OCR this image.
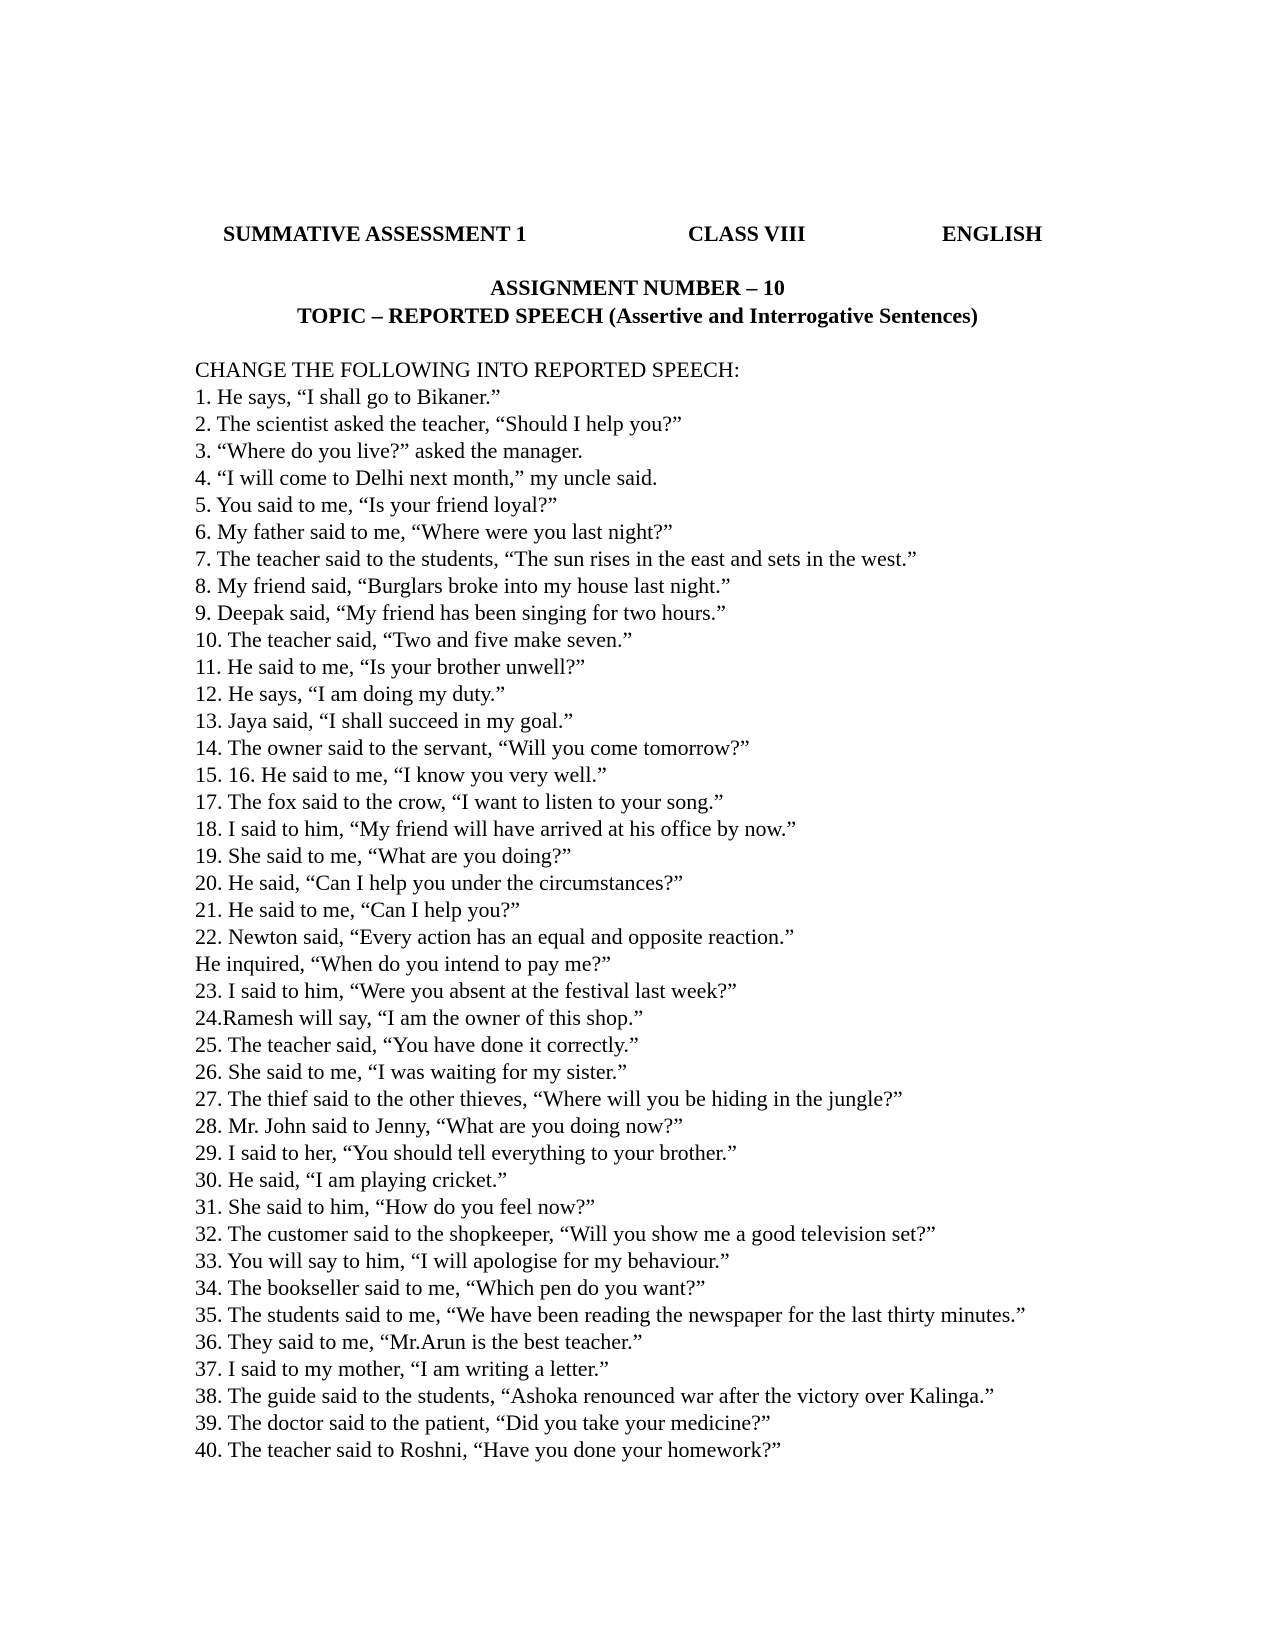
SUMMATIVE ASSESSMENT 1	CLASS VIII	ENGLISH
ASSIGNMENT NUMBER – 10
TOPIC – REPORTED SPEECH (Assertive and Interrogative Sentences)
CHANGE THE FOLLOWING INTO REPORTED SPEECH:
1. He says, “I shall go to Bikaner.”
2. The scientist asked the teacher, “Should I help you?”
3. “Where do you live?” asked the manager.
4. “I will come to Delhi next month,” my uncle said.
5. You said to me, “Is your friend loyal?”
6. My father said to me, “Where were you last night?”
7. The teacher said to the students, “The sun rises in the east and sets in the west.”
8. My friend said, “Burglars broke into my house last night.”
9. Deepak said, “My friend has been singing for two hours.”
10. The teacher said, “Two and five make seven.”
11. He said to me, “Is your brother unwell?”
12. He says, “I am doing my duty.”
13. Jaya said, “I shall succeed in my goal.”
14. The owner said to the servant, “Will you come tomorrow?”
15. 16. He said to me, “I know you very well.”
17. The fox said to the crow, “I want to listen to your song.”
18. I said to him, “My friend will have arrived at his office by now.”
19. She said to me, “What are you doing?”
20. He said, “Can I help you under the circumstances?”
21. He said to me, “Can I help you?”
22. Newton said, “Every action has an equal and opposite reaction.”
He inquired, “When do you intend to pay me?”
23. I said to him, “Were you absent at the festival last week?”
24.Ramesh will say, “I am the owner of this shop.”
25. The teacher said, “You have done it correctly.”
26. She said to me, “I was waiting for my sister.”
27. The thief said to the other thieves, “Where will you be hiding in the jungle?”
28. Mr. John said to Jenny, “What are you doing now?”
29. I said to her, “You should tell everything to your brother.”
30. He said, “I am playing cricket.”
31. She said to him, “How do you feel now?”
32. The customer said to the shopkeeper, “Will you show me a good television set?”
33. You will say to him, “I will apologise for my behaviour.”
34. The bookseller said to me, “Which pen do you want?”
35. The students said to me, “We have been reading the newspaper for the last thirty minutes.”
36. They said to me, “Mr.Arun is the best teacher.”
37. I said to my mother, “I am writing a letter.”
38. The guide said to the students, “Ashoka renounced war after the victory over Kalinga.”
39. The doctor said to the patient, “Did you take your medicine?”
40. The teacher said to Roshni, “Have you done your homework?”
